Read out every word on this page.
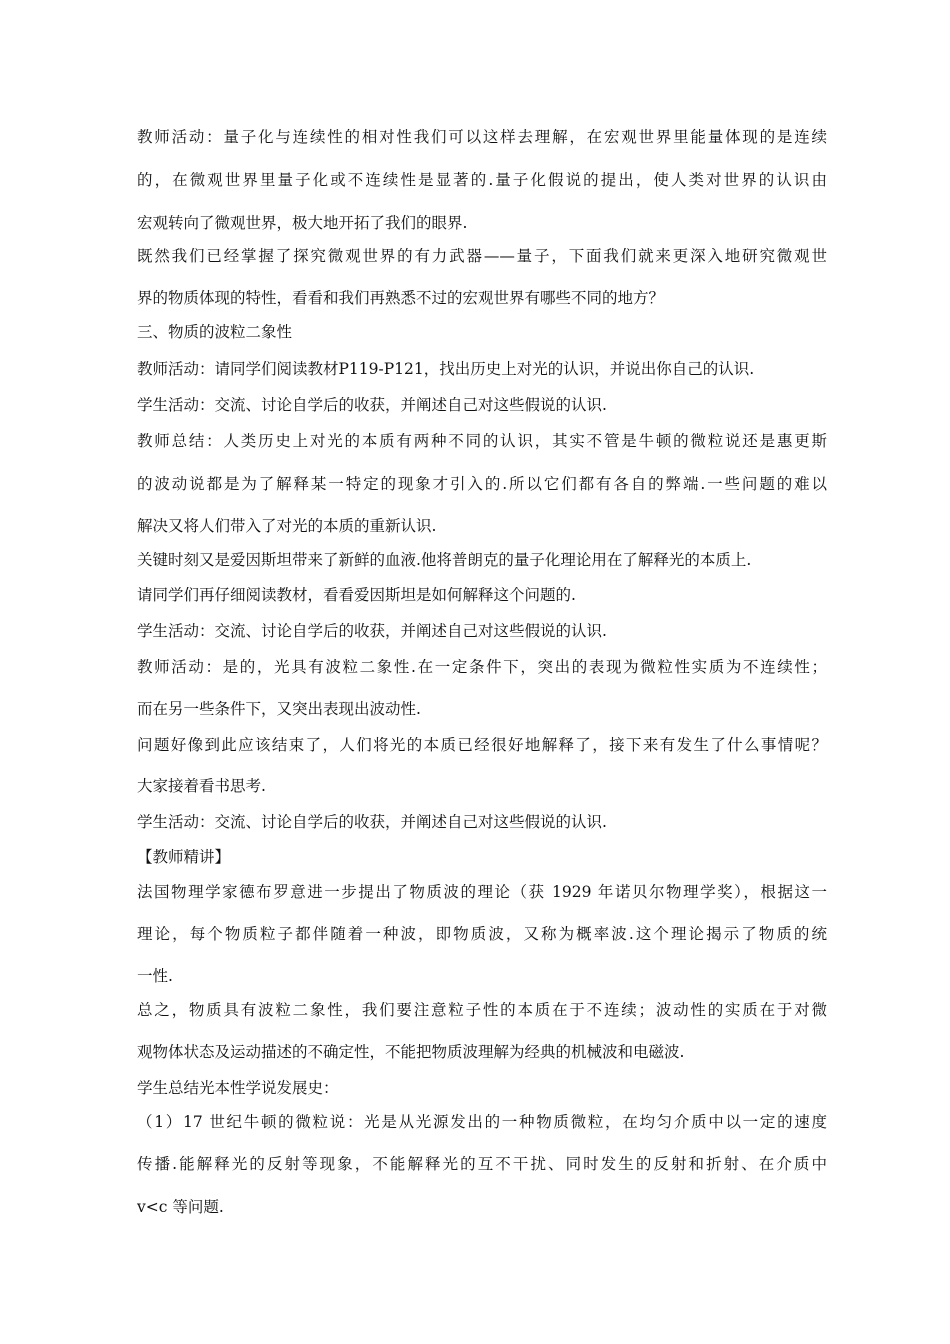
教师活动：量子化与连续性的相对性我们可以这样去理解，在宏观世界里能量体现的是连续
的，在微观世界里量子化或不连续性是显著的.量子化假说的提出，使人类对世界的认识由
宏观转向了微观世界，极大地开拓了我们的眼界.
既然我们已经掌握了探究微观世界的有力武器——量子，下面我们就来更深入地研究微观世
界的物质体现的特性，看看和我们再熟悉不过的宏观世界有哪些不同的地方？
三、物质的波粒二象性
教师活动：请同学们阅读教材P119-P121，找出历史上对光的认识，并说出你自己的认识.
学生活动：交流、讨论自学后的收获，并阐述自己对这些假说的认识.
教师总结：人类历史上对光的本质有两种不同的认识，其实不管是牛顿的微粒说还是惠更斯
的波动说都是为了解释某一特定的现象才引入的.所以它们都有各自的弊端.一些问题的难以
解决又将人们带入了对光的本质的重新认识.
关键时刻又是爱因斯坦带来了新鲜的血液.他将普朗克的量子化理论用在了解释光的本质上.
请同学们再仔细阅读教材，看看爱因斯坦是如何解释这个问题的.
学生活动：交流、讨论自学后的收获，并阐述自己对这些假说的认识.
教师活动：是的，光具有波粒二象性.在一定条件下，突出的表现为微粒性实质为不连续性；
而在另一些条件下，又突出表现出波动性.
问题好像到此应该结束了，人们将光的本质已经很好地解释了，接下来有发生了什么事情呢？
大家接着看书思考.
学生活动：交流、讨论自学后的收获，并阐述自己对这些假说的认识.
【教师精讲】
法国物理学家德布罗意进一步提出了物质波的理论（获 1929 年诺贝尔物理学奖），根据这一
理论，每个物质粒子都伴随着一种波，即物质波，又称为概率波.这个理论揭示了物质的统
一性.
总之，物质具有波粒二象性，我们要注意粒子性的本质在于不连续；波动性的实质在于对微
观物体状态及运动描述的不确定性，不能把物质波理解为经典的机械波和电磁波.
学生总结光本性学说发展史：
（1）17 世纪牛顿的微粒说：光是从光源发出的一种物质微粒，在均匀介质中以一定的速度
传播.能解释光的反射等现象，不能解释光的互不干扰、同时发生的反射和折射、在介质中
v<c 等问题.
